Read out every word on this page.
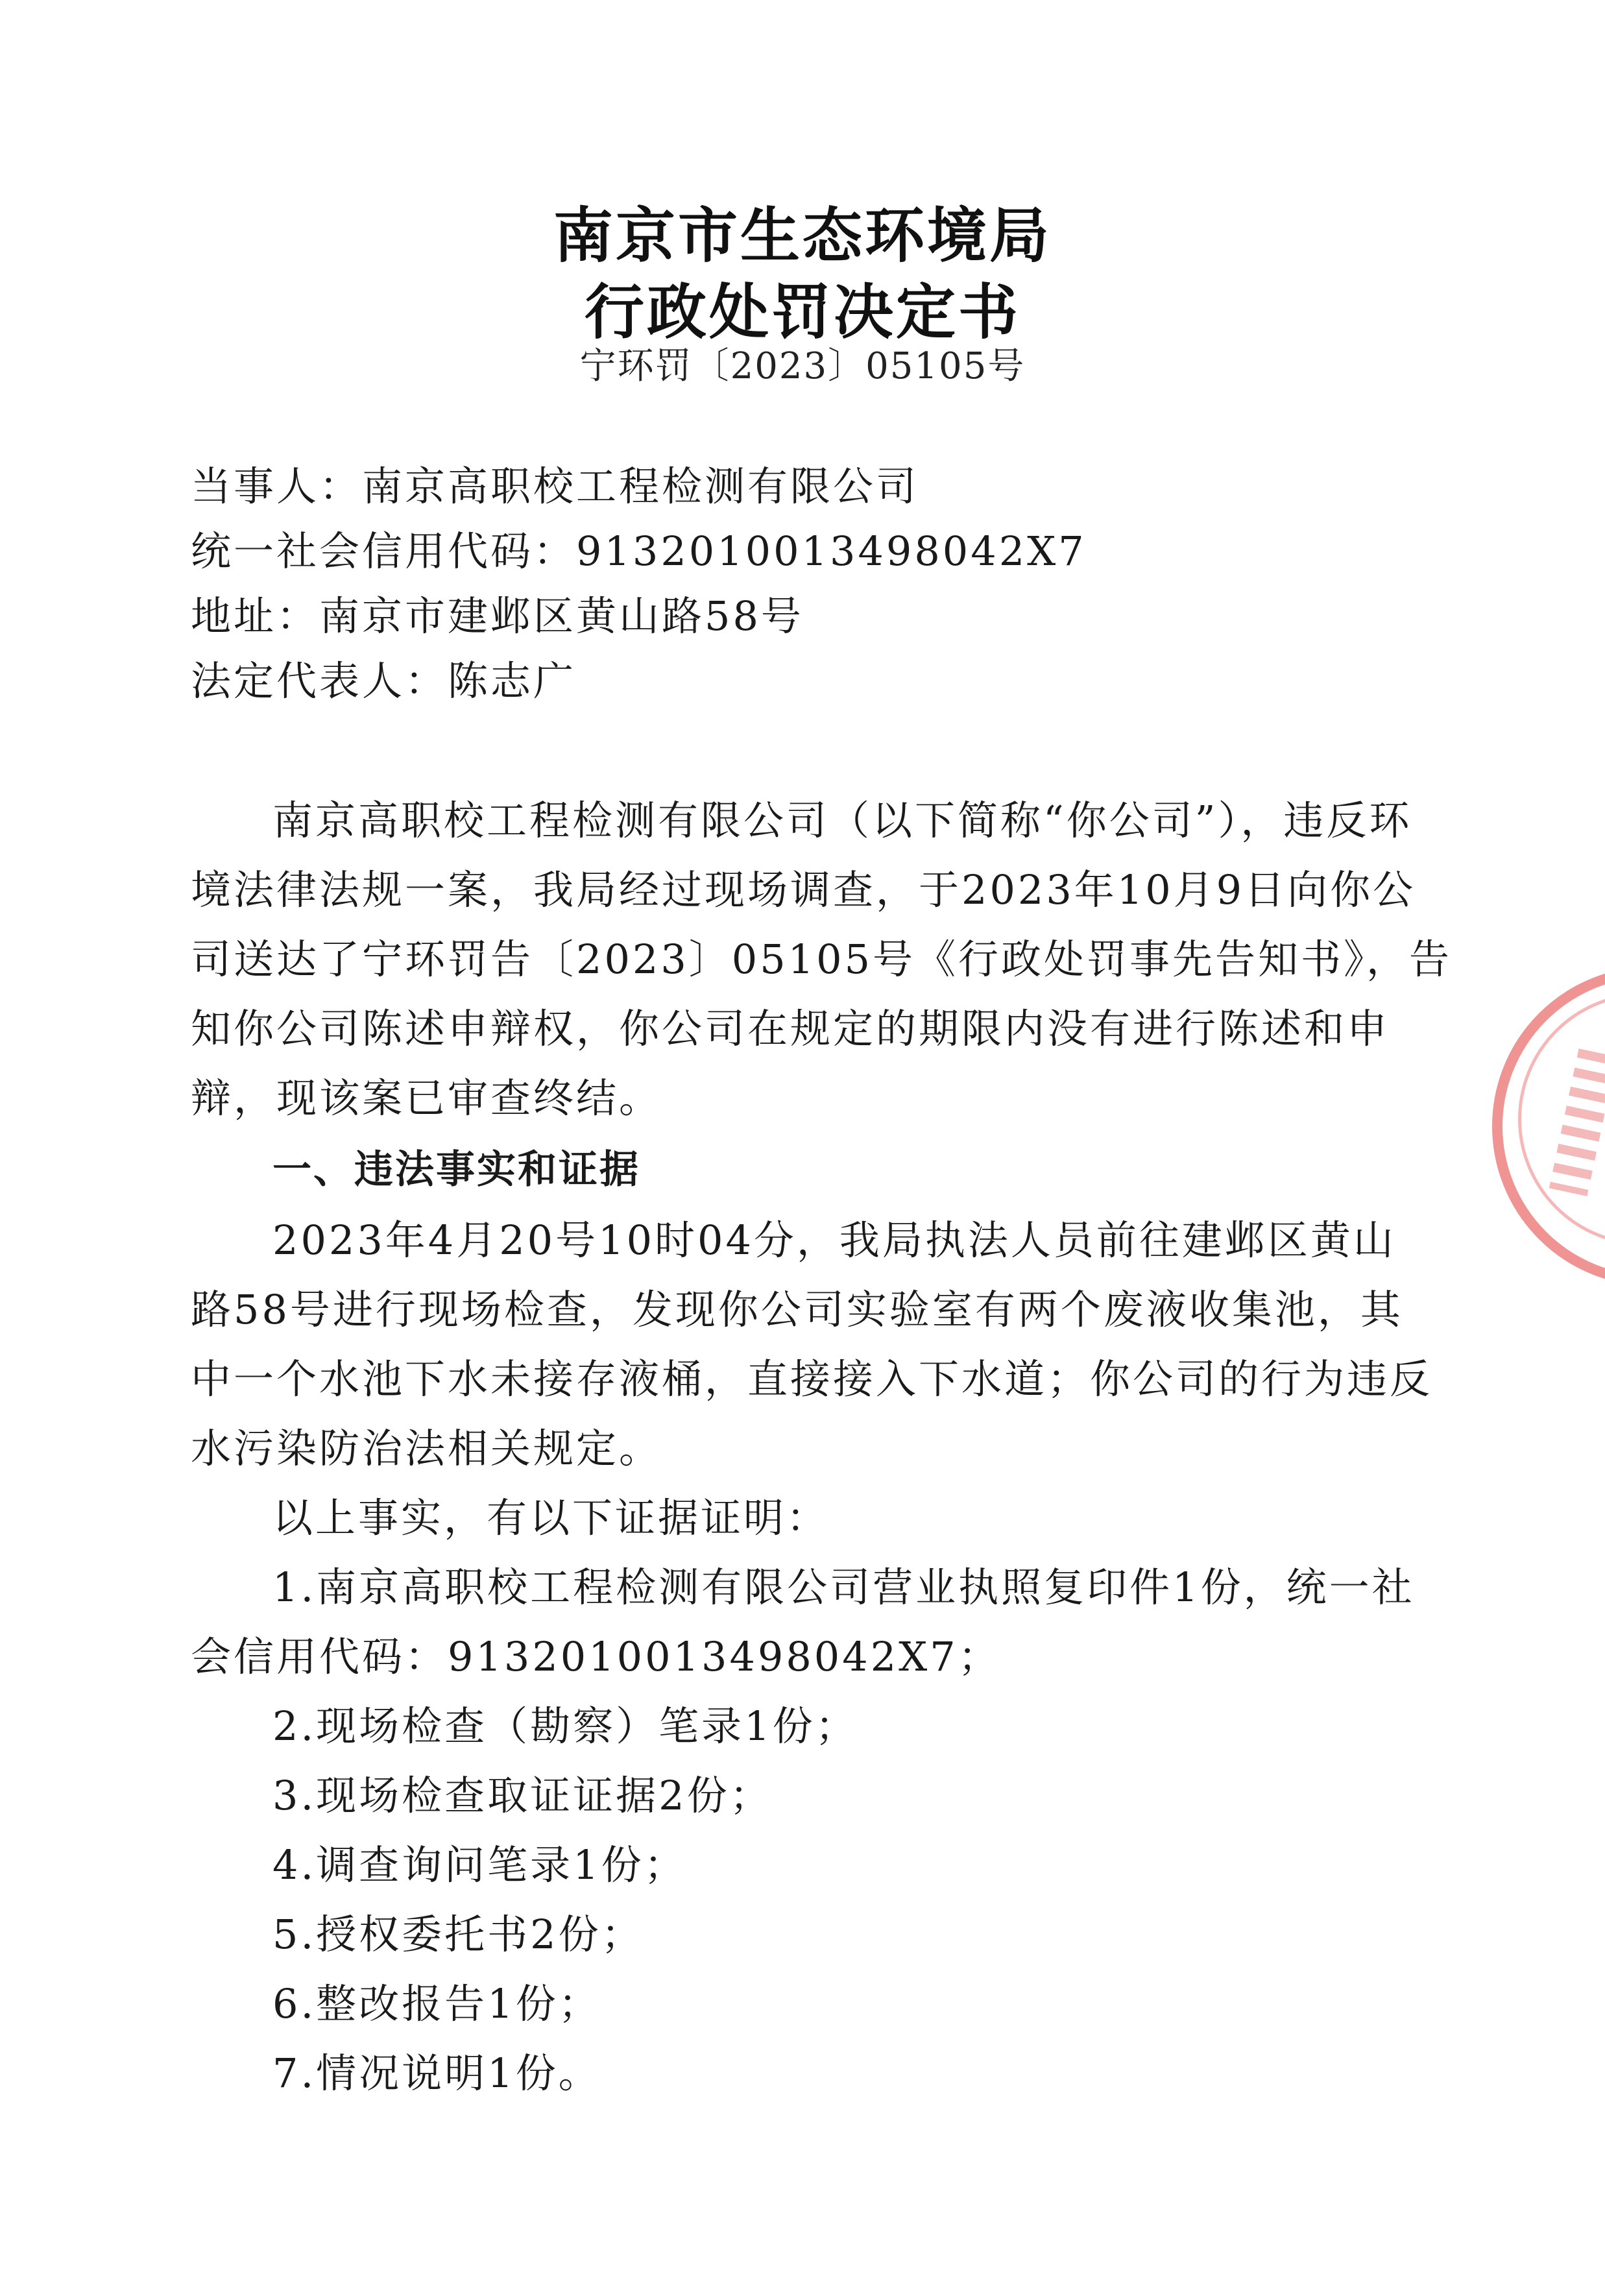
南京市生态环境局
行政处罚决定书
宁环罚〔2023〕05105号
当事人：南京高职校工程检测有限公司
统一社会信用代码：9132010013498042X7
地址：南京市建邺区黄山路58号
法定代表人：陈志广
南京高职校工程检测有限公司（以下简称“你公司”），违反环
境法律法规一案，我局经过现场调查，于2023年10月9日向你公
司送达了宁环罚告〔2023〕05105号《行政处罚事先告知书》，告
知你公司陈述申辩权，你公司在规定的期限内没有进行陈述和申
辩，现该案已审查终结。
一、违法事实和证据
2023年4月20号10时04分，我局执法人员前往建邺区黄山
路58号进行现场检查，发现你公司实验室有两个废液收集池，其
中一个水池下水未接存液桶，直接接入下水道；你公司的行为违反
水污染防治法相关规定。
以上事实，有以下证据证明：
1.南京高职校工程检测有限公司营业执照复印件1份，统一社
会信用代码：9132010013498042X7；
2.现场检查（勘察）笔录1份；
3.现场检查取证证据2份；
4.调查询问笔录1份；
5.授权委托书2份；
6.整改报告1份；
7.情况说明1份。
